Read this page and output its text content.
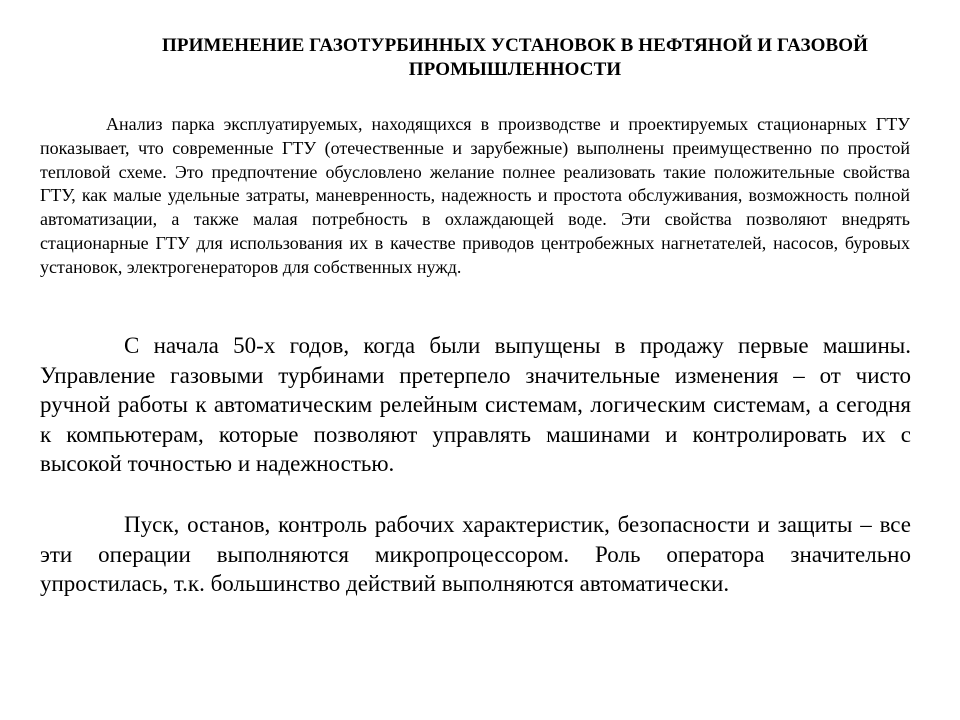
ПРИМЕНЕНИЕ ГАЗОТУРБИННЫХ УСТАНОВОК В НЕФТЯНОЙ И ГАЗОВОЙ ПРОМЫШЛЕННОСТИ

Анализ парка эксплуатируемых, находящихся в производстве и проектируемых стационарных ГТУ показывает, что современные ГТУ (отечественные и зарубежные) выполнены преимущественно по простой тепловой схеме. Это предпочтение обусловлено желание полнее реализовать такие положительные свойства ГТУ, как малые удельные затраты, маневренность, надежность и простота обслуживания, возможность полной автоматизации, а также малая потребность в охлаждающей воде. Эти свойства позволяют внедрять стационарные ГТУ для использования их в качестве приводов центробежных нагнетателей, насосов, буровых установок, электрогенераторов для собственных нужд.

С начала 50-х годов, когда были выпущены в продажу первые машины. Управление газовыми турбинами претерпело значительные изменения – от чисто ручной работы к автоматическим релейным системам, логическим системам, а сегодня к компьютерам, которые позволяют управлять машинами и контролировать их с высокой точностью и надежностью.

Пуск, останов, контроль рабочих характеристик, безопасности и защиты – все эти операции выполняются микропроцессором. Роль оператора значительно упростилась, т.к. большинство действий выполняются автоматически.
